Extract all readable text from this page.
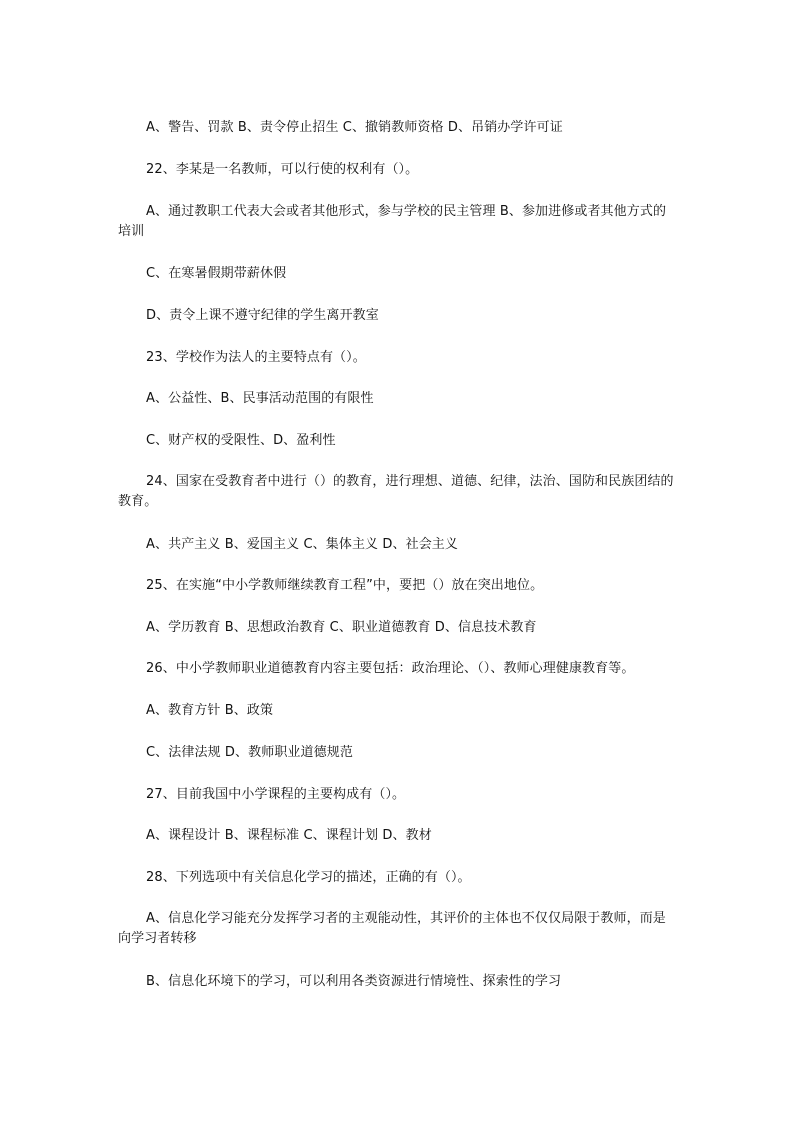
A、警告、罚款 B、责令停止招生 C、撤销教师资格 D、吊销办学许可证

22、李某是一名教师，可以行使的权利有（）。

A、通过教职工代表大会或者其他形式，参与学校的民主管理 B、参加进修或者其他方式的培训

C、在寒暑假期带薪休假

D、责令上课不遵守纪律的学生离开教室

23、学校作为法人的主要特点有（）。

A、公益性、B、民事活动范围的有限性

C、财产权的受限性、D、盈利性

24、国家在受教育者中进行（）的教育，进行理想、道德、纪律，法治、国防和民族团结的教育。

A、共产主义 B、爱国主义 C、集体主义 D、社会主义

25、在实施“中小学教师继续教育工程”中，要把（）放在突出地位。

A、学历教育 B、思想政治教育 C、职业道德教育 D、信息技术教育

26、中小学教师职业道德教育内容主要包括：政治理论、（）、教师心理健康教育等。

A、教育方针 B、政策

C、法律法规 D、教师职业道德规范

27、目前我国中小学课程的主要构成有（）。

A、课程设计 B、课程标准 C、课程计划 D、教材

28、下列选项中有关信息化学习的描述，正确的有（）。

A、信息化学习能充分发挥学习者的主观能动性，其评价的主体也不仅仅局限于教师，而是向学习者转移

B、信息化环境下的学习，可以利用各类资源进行情境性、探索性的学习
